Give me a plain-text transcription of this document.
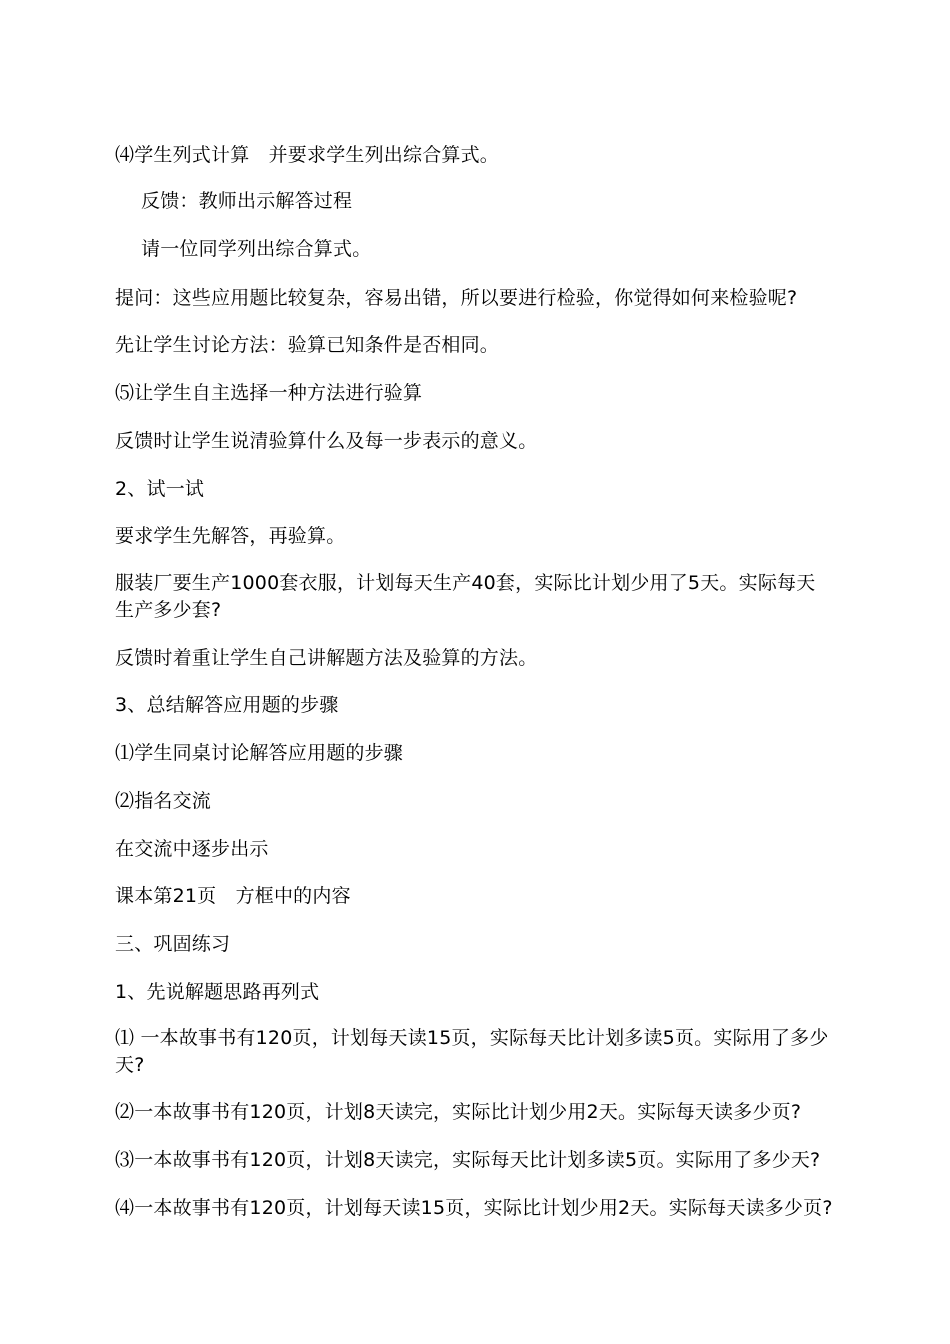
⑷学生列式计算　并要求学生列出综合算式。
反馈：教师出示解答过程
请一位同学列出综合算式。
提问：这些应用题比较复杂，容易出错，所以要进行检验，你觉得如何来检验呢?
先让学生讨论方法：验算已知条件是否相同。
⑸让学生自主选择一种方法进行验算
反馈时让学生说清验算什么及每一步表示的意义。
2、试一试
要求学生先解答，再验算。
服装厂要生产1000套衣服，计划每天生产40套，实际比计划少用了5天。实际每天生产多少套?
反馈时着重让学生自己讲解题方法及验算的方法。
3、总结解答应用题的步骤
⑴学生同桌讨论解答应用题的步骤
⑵指名交流
在交流中逐步出示
课本第21页　方框中的内容
三、巩固练习
1、先说解题思路再列式
⑴ 一本故事书有120页，计划每天读15页，实际每天比计划多读5页。实际用了多少天?
⑵一本故事书有120页，计划8天读完，实际比计划少用2天。实际每天读多少页?
⑶一本故事书有120页，计划8天读完，实际每天比计划多读5页。实际用了多少天?
⑷一本故事书有120页，计划每天读15页，实际比计划少用2天。实际每天读多少页?
